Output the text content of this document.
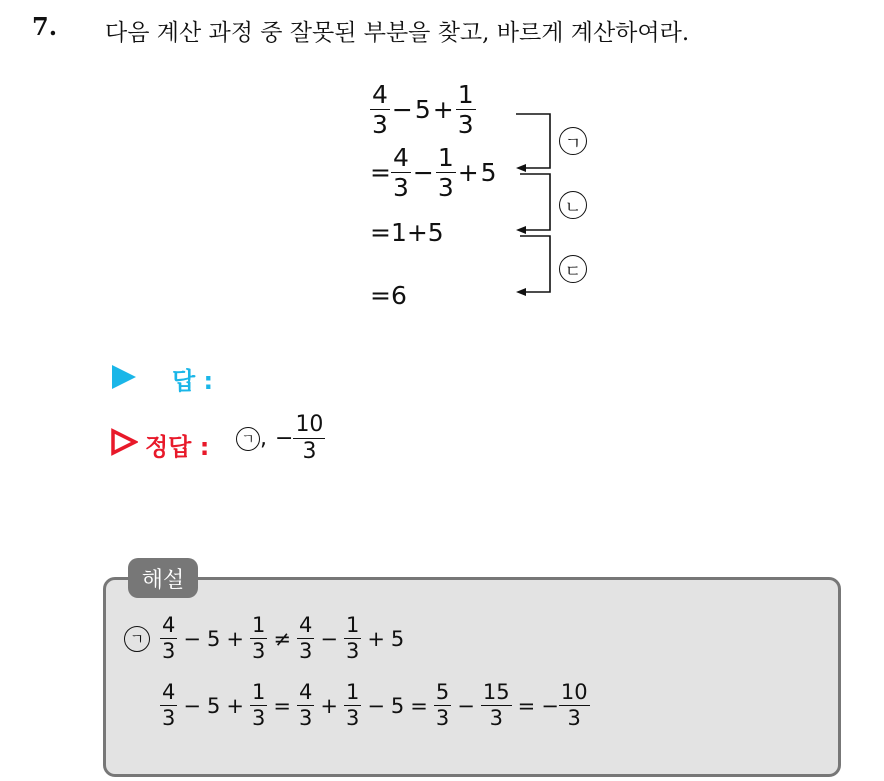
7. 다음 계산 과정 중 잘못된 부분을 찾고, 바르게 계산하여라.
$\frac{4}{3} - 5 + \frac{1}{3}$
= $\frac{4}{3} - \frac{1}{3} + 5$
=1+5
=6
ㄱ
ㄴ
ㄷ
답 :
정답 :	ㄱ , − $\frac{10}{3}$
해설
ㄱ $\frac{4}{3} - 5 + \frac{1}{3} \ne \frac{4}{3} - \frac{1}{3} + 5$
$\frac{4}{3} - 5 + \frac{1}{3} = \frac{4}{3} + \frac{1}{3} - 5 = \frac{5}{3} - \frac{15}{3}$ = − $\frac{10}{3}$
